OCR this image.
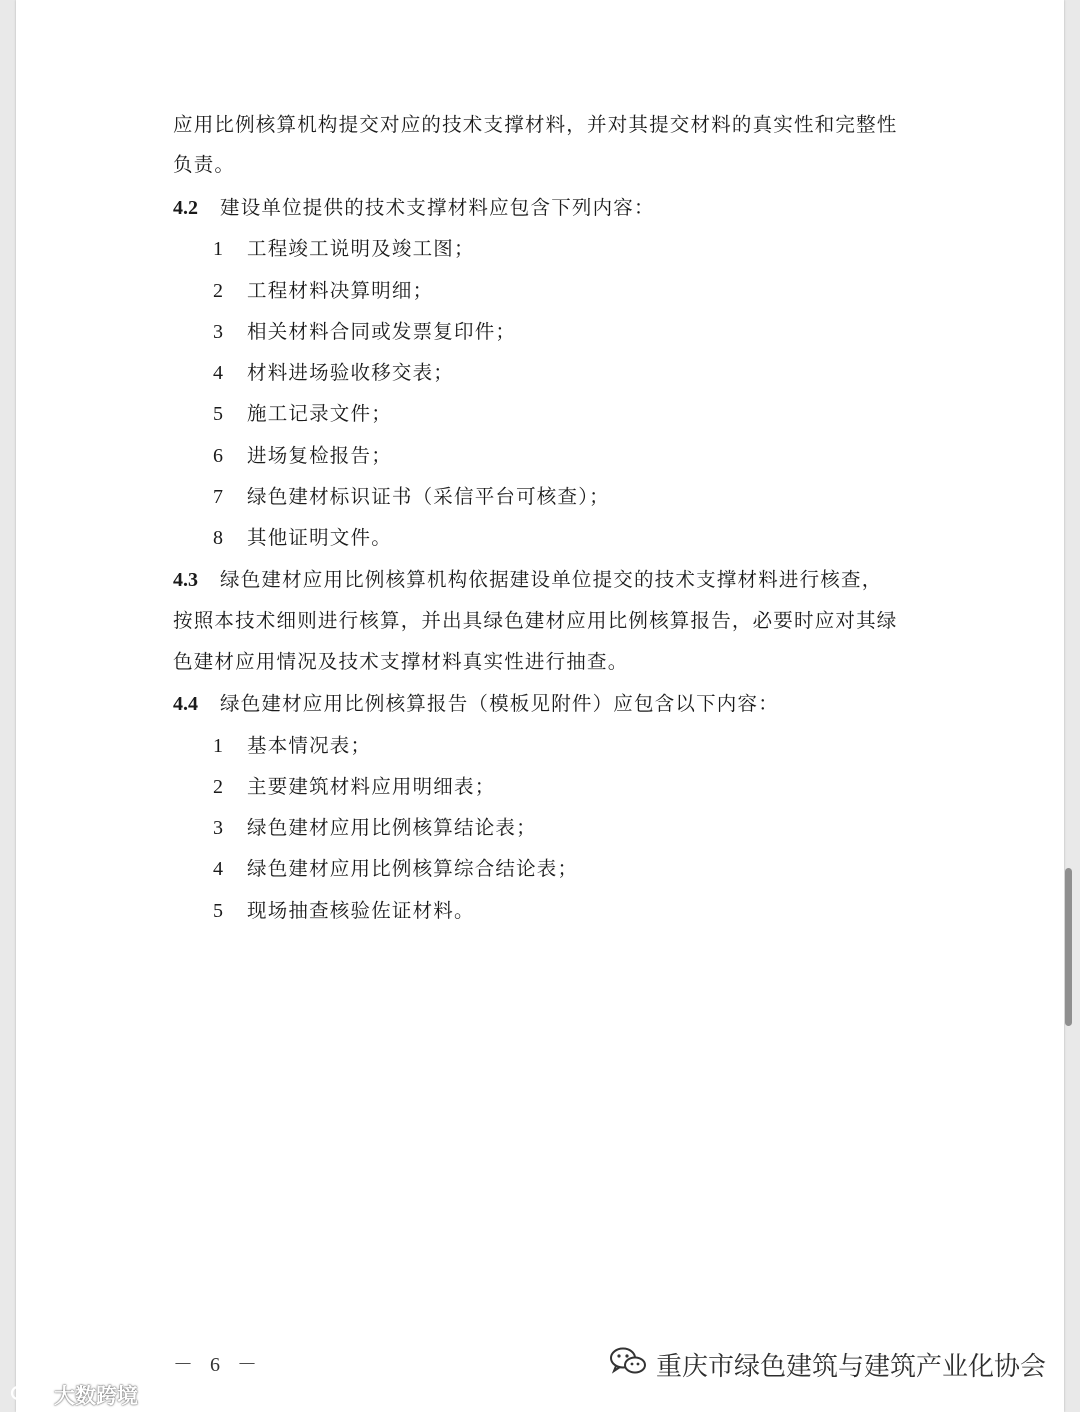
应用比例核算机构提交对应的技术支撑材料，并对其提交材料的真实性和完整性
负责。
4.2 建设单位提供的技术支撑材料应包含下列内容：
1 工程竣工说明及竣工图；
2 工程材料决算明细；
3 相关材料合同或发票复印件；
4 材料进场验收移交表；
5 施工记录文件；
6 进场复检报告；
7 绿色建材标识证书（采信平台可核查）；
8 其他证明文件。
4.3 绿色建材应用比例核算机构依据建设单位提交的技术支撑材料进行核查，
按照本技术细则进行核算，并出具绿色建材应用比例核算报告，必要时应对其绿
色建材应用情况及技术支撑材料真实性进行抽查。
4.4 绿色建材应用比例核算报告（模板见附件）应包含以下内容：
1 基本情况表；
2 主要建筑材料应用明细表；
3 绿色建材应用比例核算结论表；
4 绿色建材应用比例核算综合结论表；
5 现场抽查核验佐证材料。
－ 6 －	重庆市绿色建筑与建筑产业化协会
大数跨境
